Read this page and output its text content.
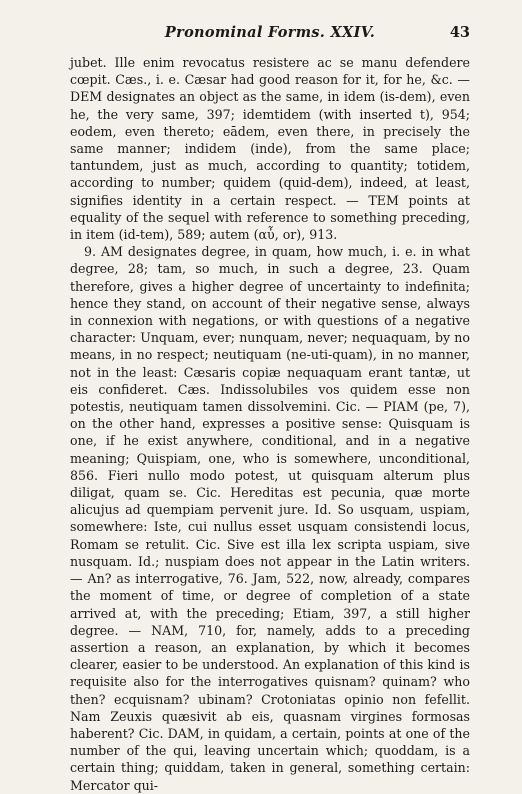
Pronominal Forms. XXIV.	43

jubet. Ille enim revocatus resistere ac se manu defendere cœpit. Cæs., i. e. Cæsar had good reason for it, for he, &c. — DEM designates an object as the same, in idem (is-dem), even he, the very same, 397; idemtidem (with inserted t), 954; eodem, even thereto; eādem, even there, in precisely the same manner; indidem (inde), from the same place; tantundem, just as much, according to quantity; totidem, according to number; quidem (quid-dem), indeed, at least, signifies identity in a certain respect. — TEM points at equality of the sequel with reference to something preceding, in item (id-tem), 589; autem (αὖ, or), 913.

9. AM designates degree, in quam, how much, i. e. in what degree, 28; tam, so much, in such a degree, 23. Quam therefore, gives a higher degree of uncertainty to indefinita; hence they stand, on account of their negative sense, always in connexion with negations, or with questions of a negative character: Unquam, ever; nunquam, never; nequaquam, by no means, in no respect; neutiquam (ne-uti-quam), in no manner, not in the least: Cæsaris copiæ nequaquam erant tantæ, ut eis confideret. Cæs. Indissolubiles vos quidem esse non potestis, neutiquam tamen dissolvemini. Cic. — PIAM (pe, 7), on the other hand, expresses a positive sense: Quisquam is one, if he exist anywhere, conditional, and in a negative meaning; Quispiam, one, who is somewhere, unconditional, 856. Fieri nullo modo potest, ut quisquam alterum plus diligat, quam se. Cic. Hereditas est pecunia, quæ morte alicujus ad quempiam pervenit jure. Id. So usquam, uspiam, somewhere: Iste, cui nullus esset usquam consistendi locus, Romam se retulit. Cic. Sive est illa lex scripta uspiam, sive nusquam. Id.; nuspiam does not appear in the Latin writers. — An? as interrogative, 76. Jam, 522, now, already, compares the moment of time, or degree of completion of a state arrived at, with the preceding; Etiam, 397, a still higher degree. — NAM, 710, for, namely, adds to a preceding assertion a reason, an explanation, by which it becomes clearer, easier to be understood. An explanation of this kind is requisite also for the interrogatives quisnam? quinam? who then? ecquisnam? ubinam? Crotoniatas opinio non fefellit. Nam Zeuxis quæsivit ab eis, quasnam virgines formosas haberent? Cic. DAM, in quidam, a certain, points at one of the number of the qui, leaving uncertain which; quoddam, is a certain thing; quiddam, taken in general, something certain: Mercator qui-
